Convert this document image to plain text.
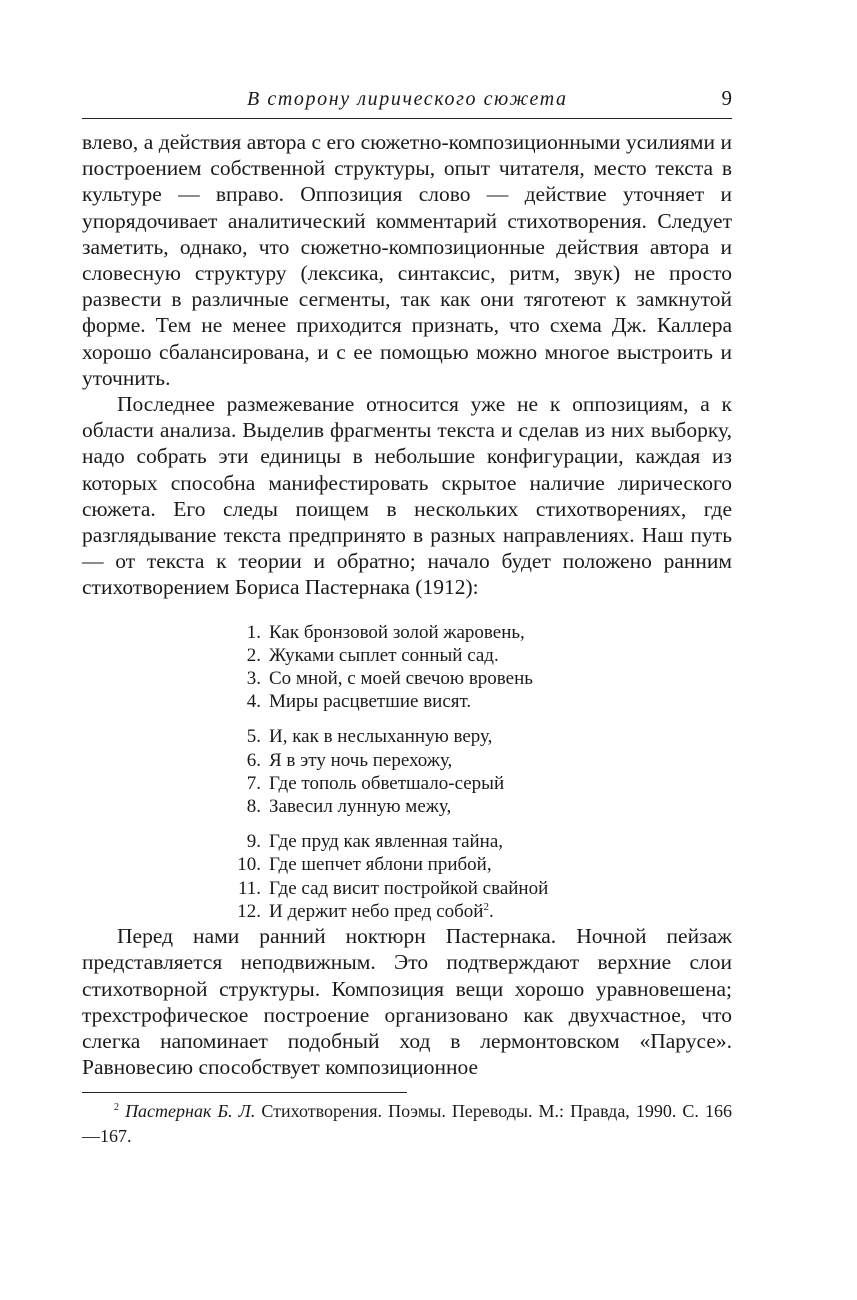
В сторону лирического сюжета	9

влево, а действия автора с его сюжетно-композиционными усилиями и построением собственной структуры, опыт читателя, место текста в культуре — вправо. Оппозиция слово — действие уточняет и упорядочивает аналитический комментарий стихотворения. Следует заметить, однако, что сюжетно-композиционные действия автора и словесную структуру (лексика, синтаксис, ритм, звук) не просто развести в различные сегменты, так как они тяготеют к замкнутой форме. Тем не менее приходится признать, что схема Дж. Каллера хорошо сбалансирована, и с ее помощью можно многое выстроить и уточнить.

Последнее размежевание относится уже не к оппозициям, а к области анализа. Выделив фрагменты текста и сделав из них выборку, надо собрать эти единицы в небольшие конфигурации, каждая из которых способна манифестировать скрытое наличие лирического сюжета. Его следы поищем в нескольких стихотворениях, где разглядывание текста предпринято в разных направлениях. Наш путь — от текста к теории и обратно; начало будет положено ранним стихотворением Бориса Пастернака (1912):

1. Как бронзовой золой жаровень,
2. Жуками сыплет сонный сад.
3. Со мной, с моей свечою вровень
4. Миры расцветшие висят.
5. И, как в неслыханную веру,
6. Я в эту ночь перехожу,
7. Где тополь обветшало-серый
8. Завесил лунную межу,
9. Где пруд как явленная тайна,
10. Где шепчет яблони прибой,
11. Где сад висит постройкой свайной
12. И держит небо пред собой$^2$.

Перед нами ранний ноктюрн Пастернака. Ночной пейзаж представляется неподвижным. Это подтверждают верхние слои стихотворной структуры. Композиция вещи хорошо уравновешена; трехстрофическое построение организовано как двухчастное, что слегка напоминает подобный ход в лермонтовском «Парусе». Равновесию способствует композиционное

$^2$ Пастернак Б. Л. Стихотворения. Поэмы. Переводы. М.: Правда, 1990. С. 166—167.
